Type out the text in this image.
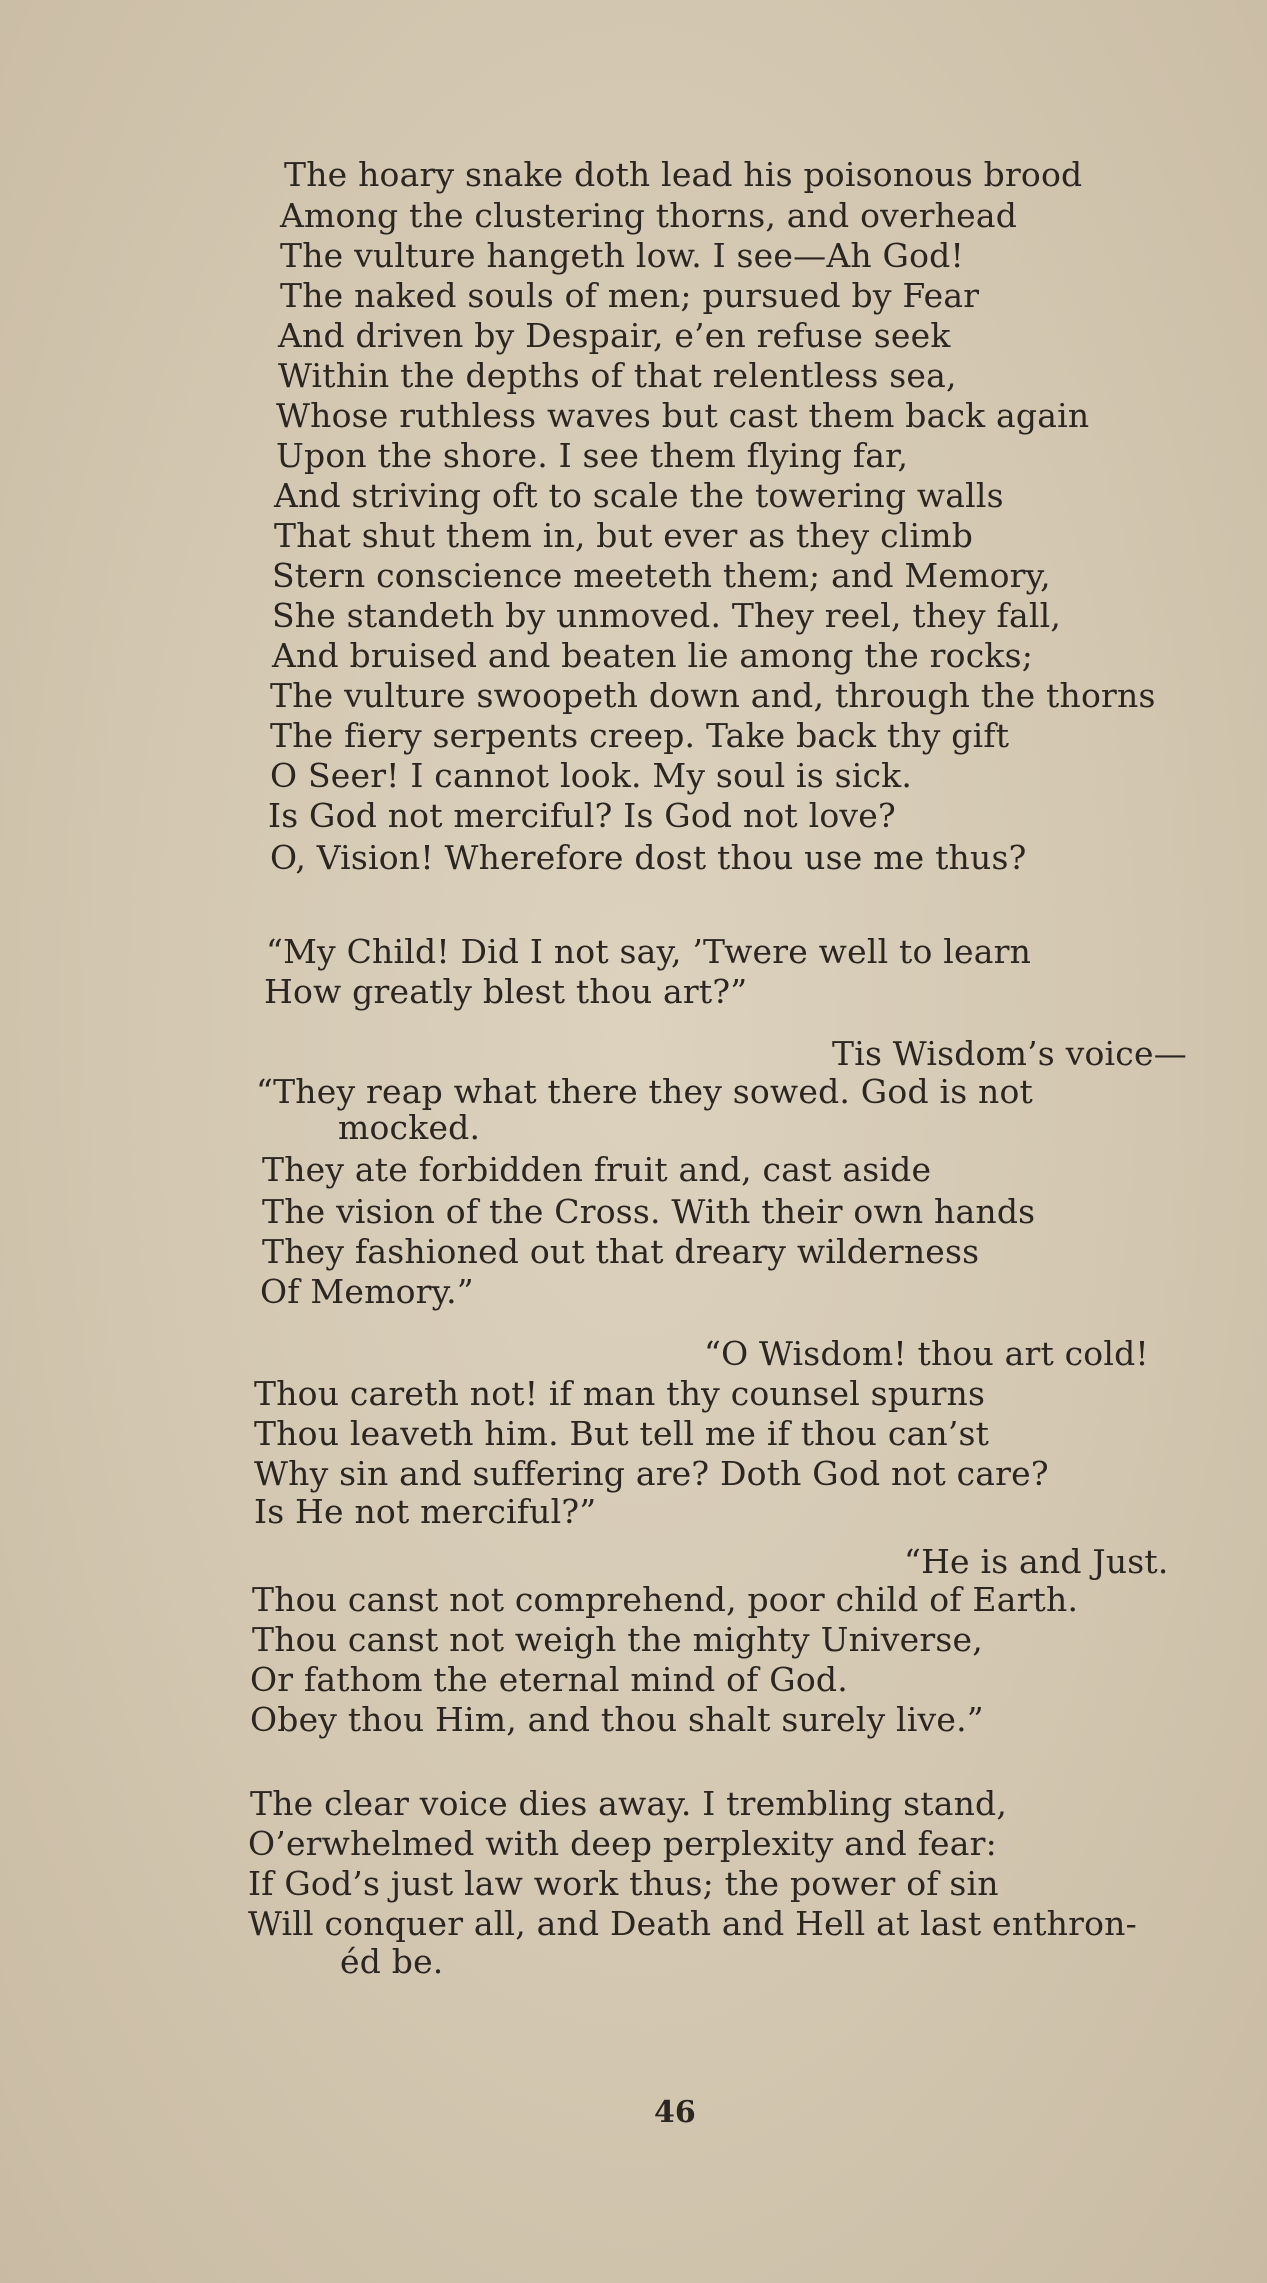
The hoary snake doth lead his poisonous brood
Among the clustering thorns, and overhead
The vulture hangeth low. I see—Ah God!
The naked souls of men; pursued by Fear
And driven by Despair, e’en refuse seek
Within the depths of that relentless sea,
Whose ruthless waves but cast them back again
Upon the shore. I see them flying far,
And striving oft to scale the towering walls
That shut them in, but ever as they climb
Stern conscience meeteth them; and Memory,
She standeth by unmoved. They reel, they fall,
And bruised and beaten lie among the rocks;
The vulture swoopeth down and, through the thorns
The fiery serpents creep. Take back thy gift
O Seer! I cannot look. My soul is sick.
Is God not merciful? Is God not love?
O, Vision! Wherefore dost thou use me thus?
“My Child! Did I not say, ’Twere well to learn
How greatly blest thou art?”
Tis Wisdom’s voice—
“They reap what there they sowed. God is not
mocked.
They ate forbidden fruit and, cast aside
The vision of the Cross. With their own hands
They fashioned out that dreary wilderness
Of Memory.”
“O Wisdom! thou art cold!
Thou careth not! if man thy counsel spurns
Thou leaveth him. But tell me if thou can’st
Why sin and suffering are? Doth God not care?
Is He not merciful?”
“He is and Just.
Thou canst not comprehend, poor child of Earth.
Thou canst not weigh the mighty Universe,
Or fathom the eternal mind of God.
Obey thou Him, and thou shalt surely live.”
The clear voice dies away. I trembling stand,
O’erwhelmed with deep perplexity and fear:
If God’s just law work thus; the power of sin
Will conquer all, and Death and Hell at last enthron-
éd be.
46
